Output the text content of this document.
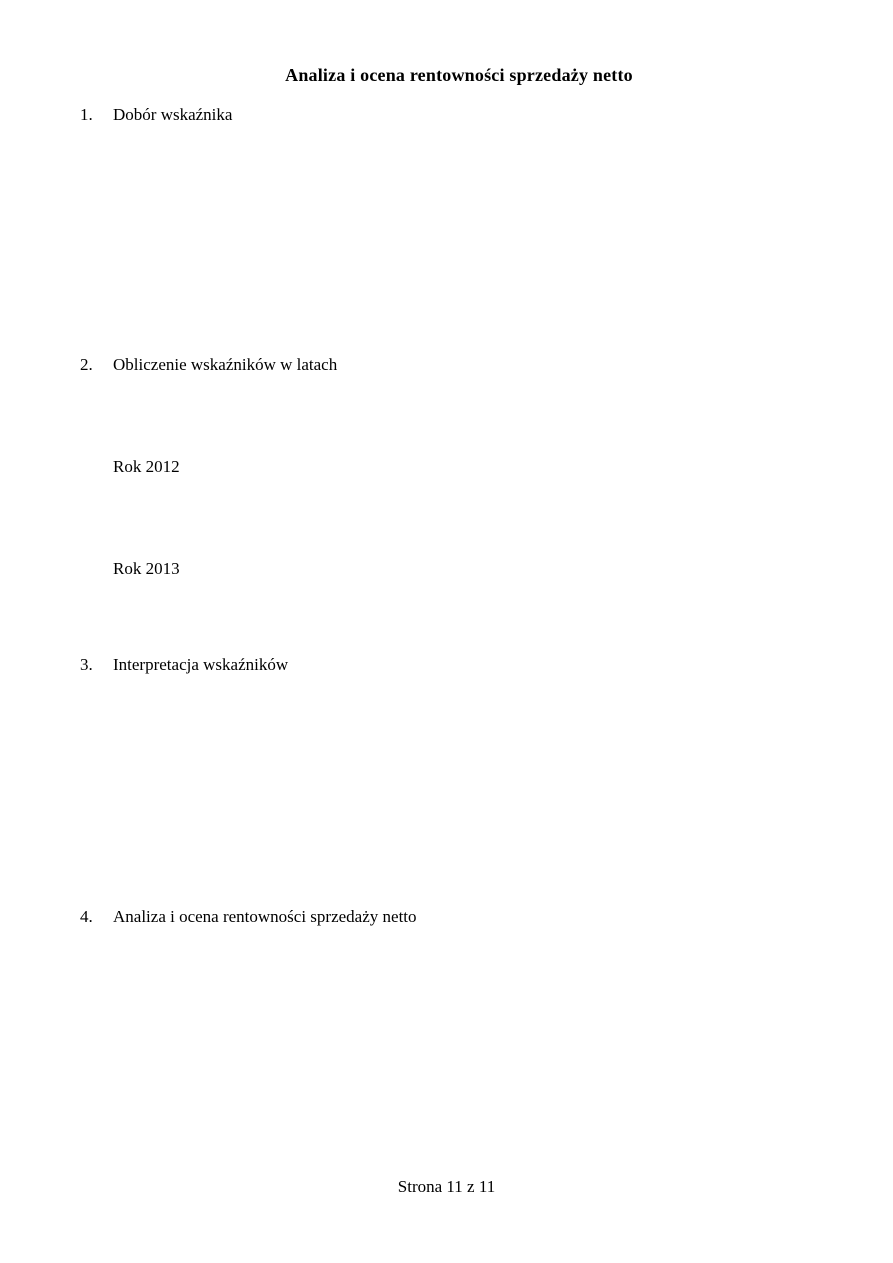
Analiza i ocena rentowności sprzedaży netto
1. Dobór wskaźnika
2. Obliczenie wskaźników w latach
Rok 2012
Rok 2013
3. Interpretacja wskaźników
4. Analiza i ocena rentowności sprzedaży netto
Strona 11 z 11
